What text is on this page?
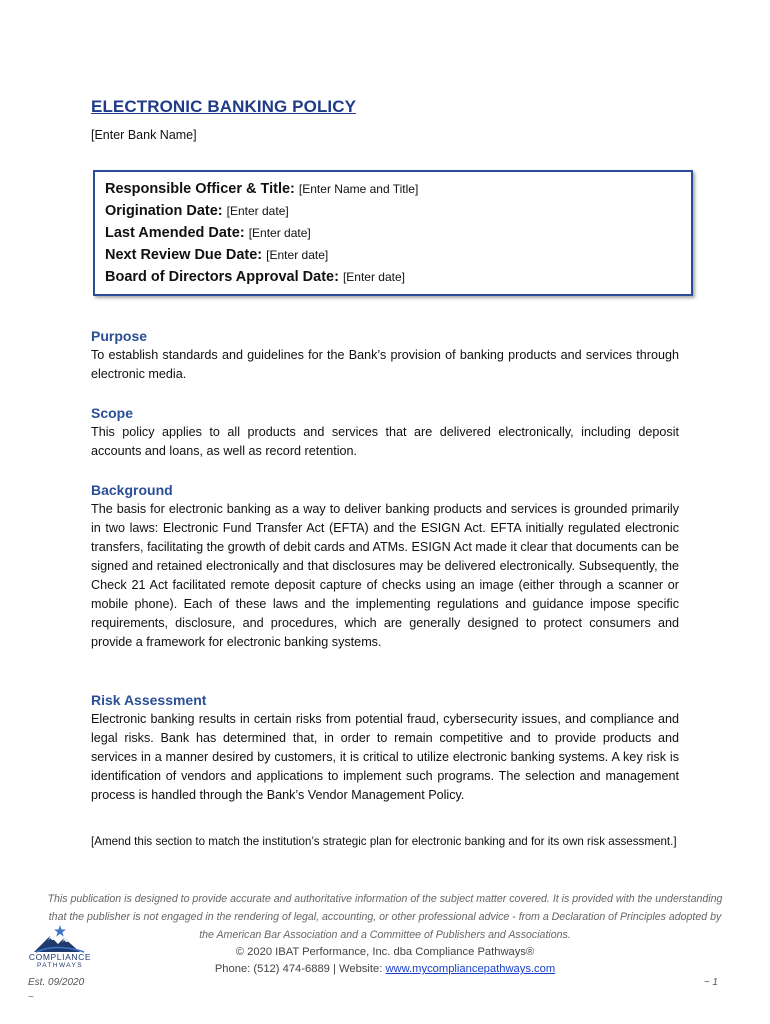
ELECTRONIC BANKING POLICY
[Enter Bank Name]
Responsible Officer & Title: [Enter Name and Title]
Origination Date: [Enter date]
Last Amended Date: [Enter date]
Next Review Due Date: [Enter date]
Board of Directors Approval Date: [Enter date]
Purpose

To establish standards and guidelines for the Bank’s provision of banking products and services through electronic media.

Scope

This policy applies to all products and services that are delivered electronically, including deposit accounts and loans, as well as record retention.

Background

The basis for electronic banking as a way to deliver banking products and services is grounded primarily in two laws: Electronic Fund Transfer Act (EFTA) and the ESIGN Act. EFTA initially regulated electronic transfers, facilitating the growth of debit cards and ATMs. ESIGN Act made it clear that documents can be signed and retained electronically and that disclosures may be delivered electronically. Subsequently, the Check 21 Act facilitated remote deposit capture of checks using an image (either through a scanner or mobile phone). Each of these laws and the implementing regulations and guidance impose specific requirements, disclosure, and procedures, which are generally designed to protect consumers and provide a framework for electronic banking systems.

Risk Assessment

Electronic banking results in certain risks from potential fraud, cybersecurity issues, and compliance and legal risks. Bank has determined that, in order to remain competitive and to provide products and services in a manner desired by customers, it is critical to utilize electronic banking systems. A key risk is identification of vendors and applications to implement such programs. The selection and management process is handled through the Bank’s Vendor Management Policy.

[Amend this section to match the institution’s strategic plan for electronic banking and for its own risk assessment.]
This publication is designed to provide accurate and authoritative information of the subject matter covered. It is provided with the understanding that the publisher is not engaged in the rendering of legal, accounting, or other professional advice - from a Declaration of Principles adopted by the American Bar Association and a Committee of Publishers and Associations.
COMPLIANCE
PATHWAYS
© 2020 IBAT Performance, Inc. dba Compliance Pathways®
Phone: (512) 474-6889 | Website: www.mycompliancepathways.com
Est. 09/2020
~
~ 1
